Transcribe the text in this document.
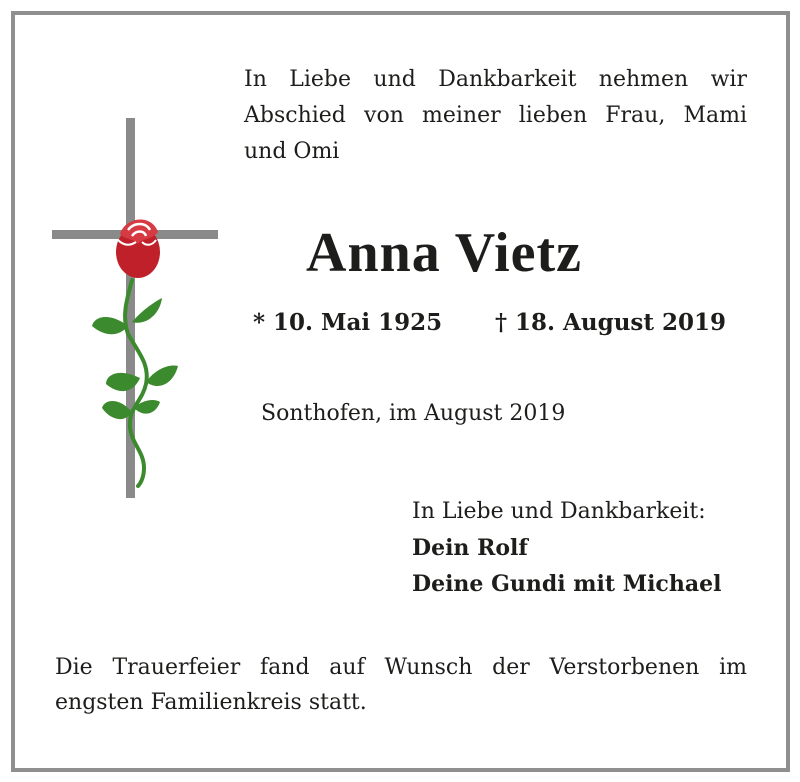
In Liebe und Dankbarkeit nehmen wir
Abschied von meiner lieben Frau, Mami
und Omi
Anna Vietz
* 10. Mai 1925 † 18. August 2019
Sonthofen, im August 2019
In Liebe und Dankbarkeit:
Dein Rolf
Deine Gundi mit Michael
Die Trauerfeier fand auf Wunsch der Verstorbenen im
engsten Familienkreis statt.
